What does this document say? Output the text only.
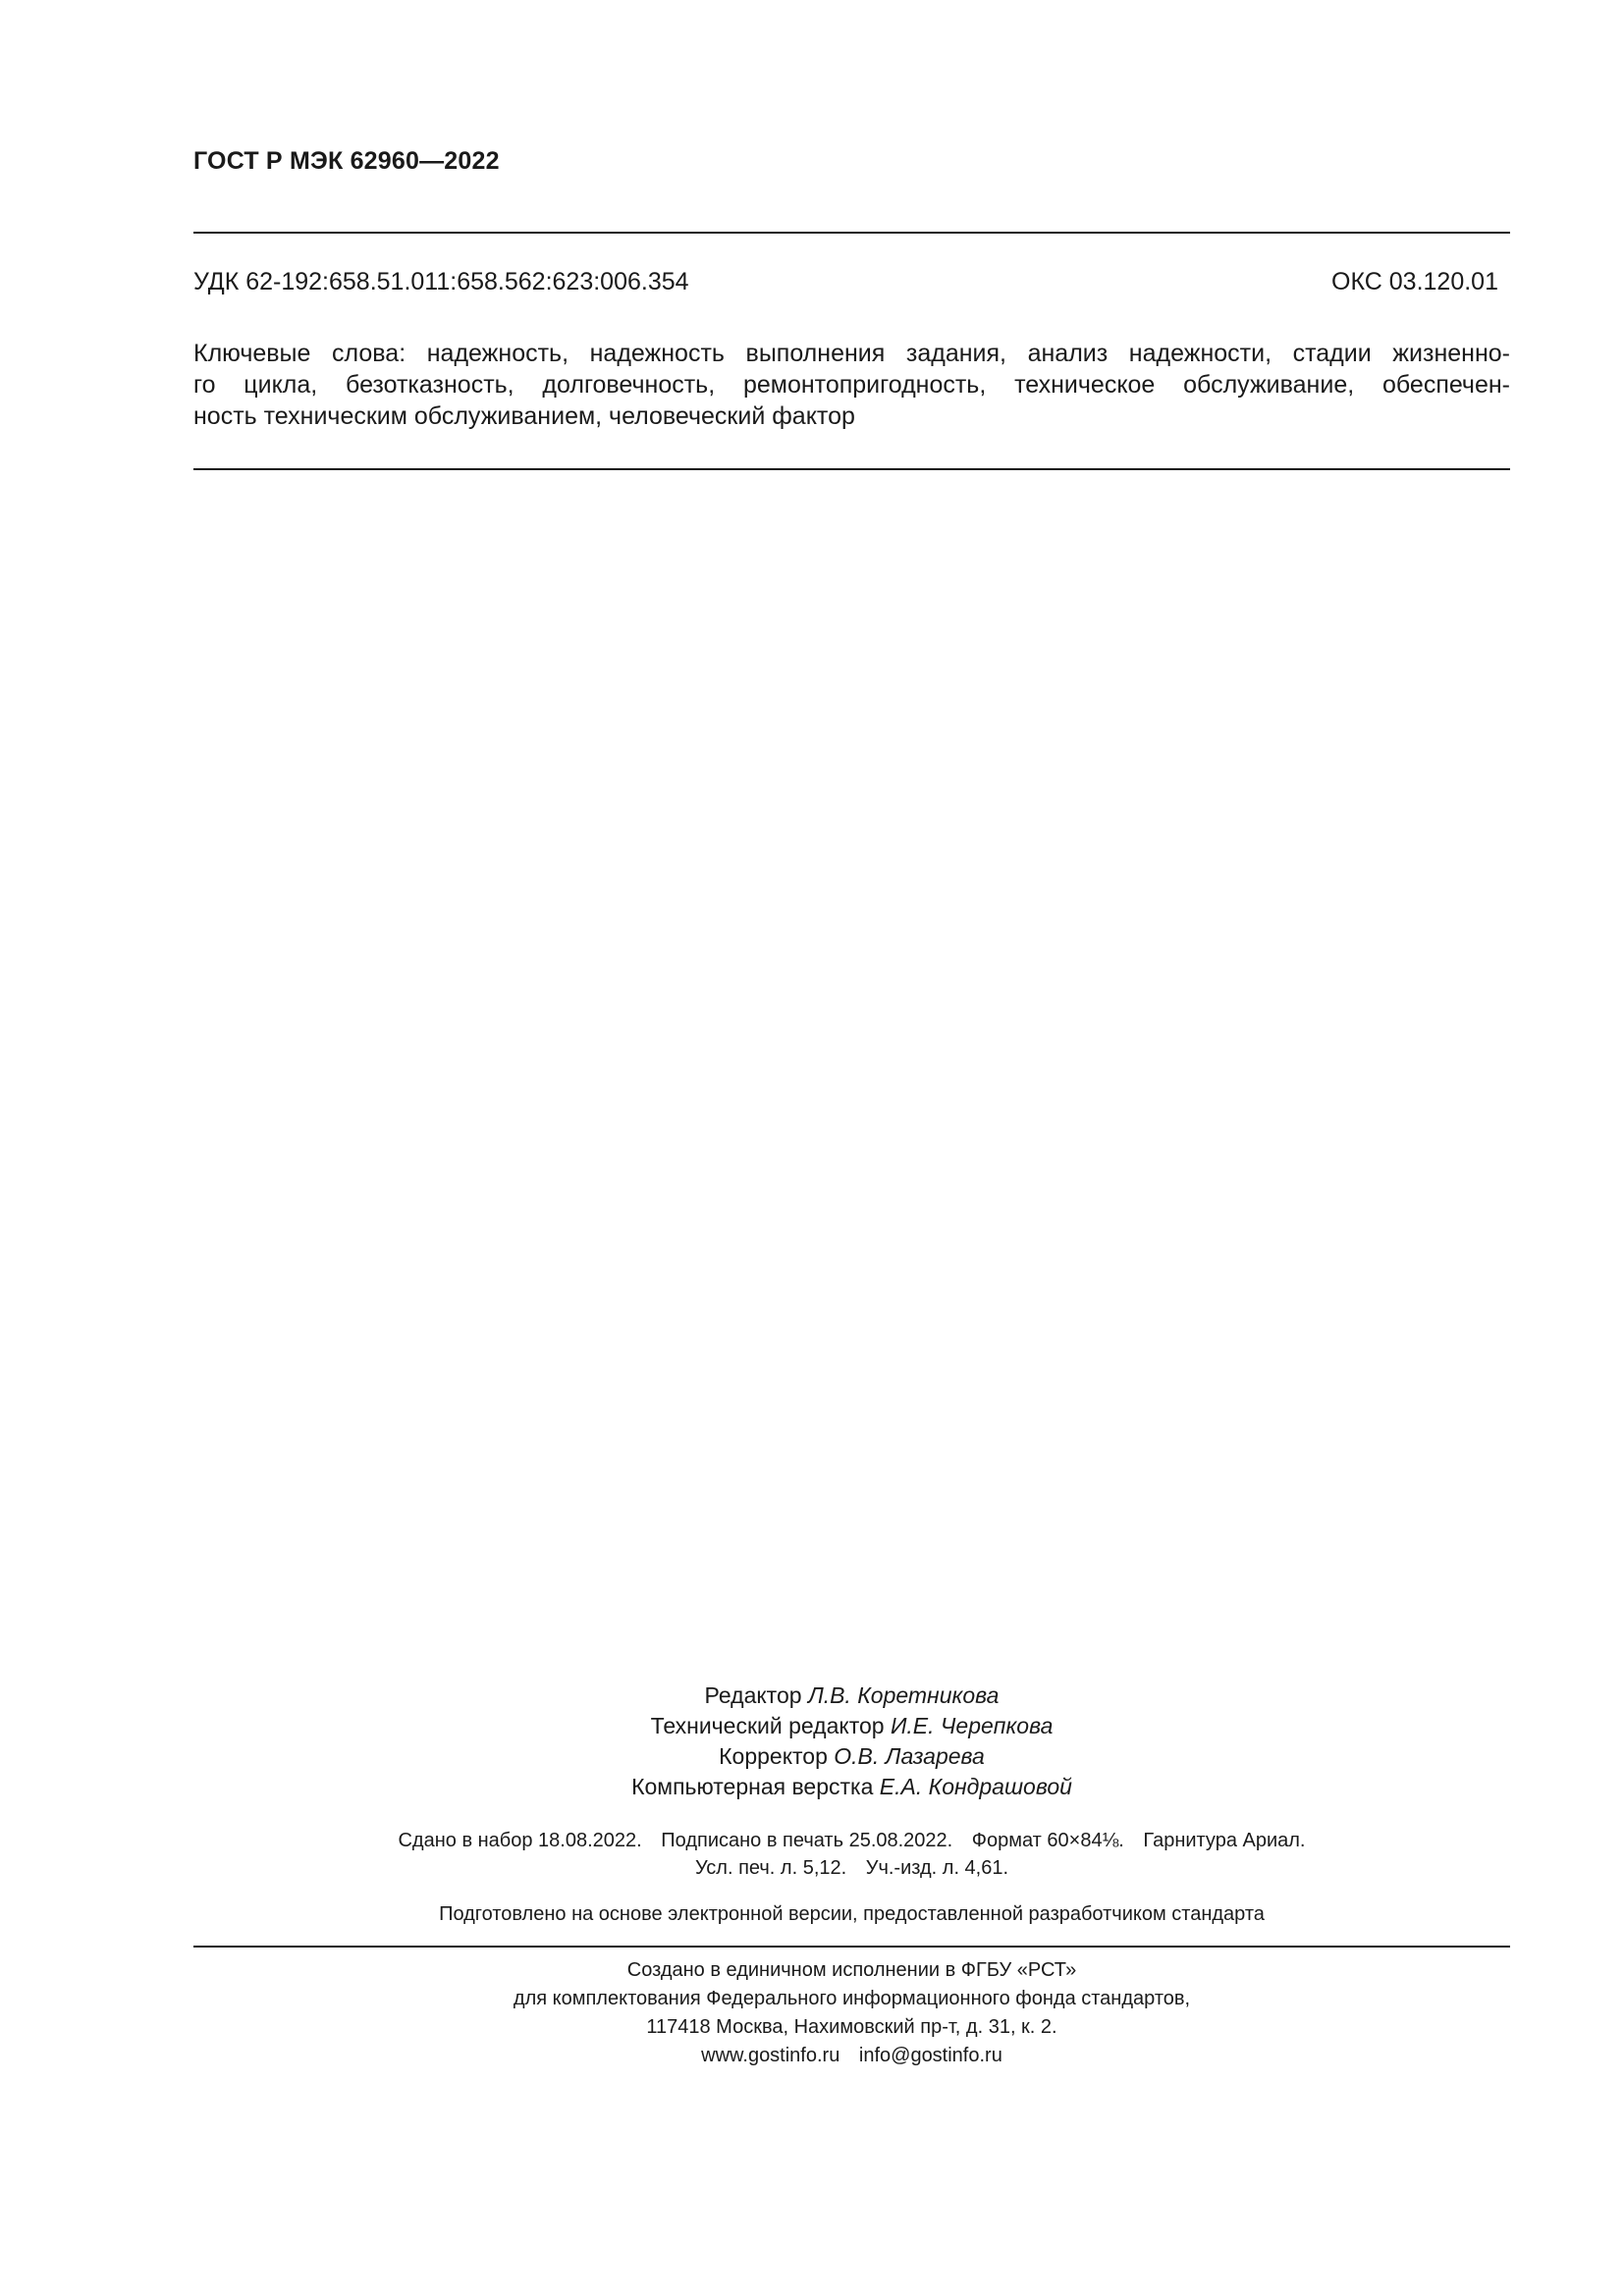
ГОСТ Р МЭК 62960—2022
УДК 62-192:658.51.011:658.562:623:006.354	ОКС 03.120.01
Ключевые слова: надежность, надежность выполнения задания, анализ надежности, стадии жизненно-
го цикла, безотказность, долговечность, ремонтопригодность, техническое обслуживание, обеспечен-
ность техническим обслуживанием, человеческий фактор
Редактор Л.В. Коретникова
Технический редактор И.Е. Черепкова
Корректор О.В. Лазарева
Компьютерная верстка Е.А. Кондрашовой
Сдано в набор 18.08.2022. Подписано в печать 25.08.2022. Формат 60×84⅛. Гарнитура Ариал.
Усл. печ. л. 5,12. Уч.-изд. л. 4,61.
Подготовлено на основе электронной версии, предоставленной разработчиком стандарта
Создано в единичном исполнении в ФГБУ «РСТ»
для комплектования Федерального информационного фонда стандартов,
117418 Москва, Нахимовский пр-т, д. 31, к. 2.
www.gostinfo.ru info@gostinfo.ru
